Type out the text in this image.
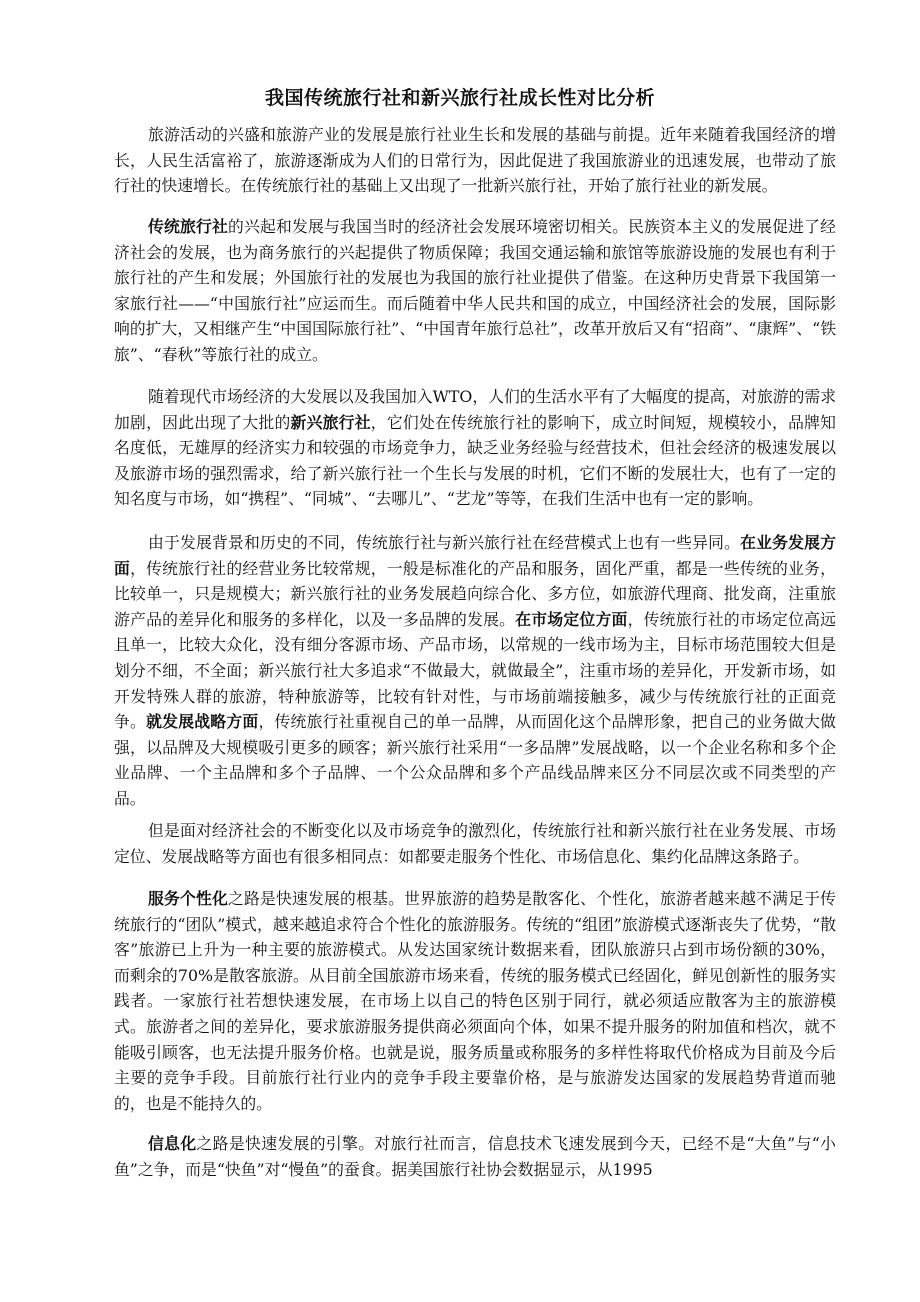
我国传统旅行社和新兴旅行社成长性对比分析

旅游活动的兴盛和旅游产业的发展是旅行社业生长和发展的基础与前提。近年来随着我国经济的增长，人民生活富裕了，旅游逐渐成为人们的日常行为，因此促进了我国旅游业的迅速发展，也带动了旅行社的快速增长。在传统旅行社的基础上又出现了一批新兴旅行社，开始了旅行社业的新发展。

传统旅行社的兴起和发展与我国当时的经济社会发展环境密切相关。民族资本主义的发展促进了经济社会的发展，也为商务旅行的兴起提供了物质保障；我国交通运输和旅馆等旅游设施的发展也有利于旅行社的产生和发展；外国旅行社的发展也为我国的旅行社业提供了借鉴。在这种历史背景下我国第一家旅行社——“中国旅行社”应运而生。而后随着中华人民共和国的成立，中国经济社会的发展，国际影响的扩大，又相继产生“中国国际旅行社”、“中国青年旅行总社”，改革开放后又有“招商”、“康辉”、“铁旅”、“春秋”等旅行社的成立。

随着现代市场经济的大发展以及我国加入WTO，人们的生活水平有了大幅度的提高，对旅游的需求加剧，因此出现了大批的新兴旅行社，它们处在传统旅行社的影响下，成立时间短，规模较小，品牌知名度低，无雄厚的经济实力和较强的市场竞争力，缺乏业务经验与经营技术，但社会经济的极速发展以及旅游市场的强烈需求，给了新兴旅行社一个生长与发展的时机，它们不断的发展壮大，也有了一定的知名度与市场，如“携程”、“同城”、“去哪儿”、“艺龙”等等，在我们生活中也有一定的影响。

由于发展背景和历史的不同，传统旅行社与新兴旅行社在经营模式上也有一些异同。在业务发展方面，传统旅行社的经营业务比较常规，一般是标准化的产品和服务，固化严重，都是一些传统的业务，比较单一，只是规模大；新兴旅行社的业务发展趋向综合化、多方位，如旅游代理商、批发商，注重旅游产品的差异化和服务的多样化，以及一多品牌的发展。在市场定位方面，传统旅行社的市场定位高远且单一，比较大众化，没有细分客源市场、产品市场，以常规的一线市场为主，目标市场范围较大但是划分不细，不全面；新兴旅行社大多追求“不做最大，就做最全”，注重市场的差异化，开发新市场，如开发特殊人群的旅游，特种旅游等，比较有针对性，与市场前端接触多，减少与传统旅行社的正面竞争。就发展战略方面，传统旅行社重视自己的单一品牌，从而固化这个品牌形象，把自己的业务做大做强，以品牌及大规模吸引更多的顾客；新兴旅行社采用“一多品牌”发展战略，以一个企业名称和多个企业品牌、一个主品牌和多个子品牌、一个公众品牌和多个产品线品牌来区分不同层次或不同类型的产品。

但是面对经济社会的不断变化以及市场竞争的激烈化，传统旅行社和新兴旅行社在业务发展、市场定位、发展战略等方面也有很多相同点：如都要走服务个性化、市场信息化、集约化品牌这条路子。

服务个性化之路是快速发展的根基。世界旅游的趋势是散客化、个性化，旅游者越来越不满足于传统旅行的“团队”模式，越来越追求符合个性化的旅游服务。传统的“组团”旅游模式逐渐丧失了优势，“散客”旅游已上升为一种主要的旅游模式。从发达国家统计数据来看，团队旅游只占到市场份额的30%，而剩余的70%是散客旅游。从目前全国旅游市场来看，传统的服务模式已经固化，鲜见创新性的服务实践者。一家旅行社若想快速发展，在市场上以自己的特色区别于同行，就必须适应散客为主的旅游模式。旅游者之间的差异化，要求旅游服务提供商必须面向个体，如果不提升服务的附加值和档次，就不能吸引顾客，也无法提升服务价格。也就是说，服务质量或称服务的多样性将取代价格成为目前及今后主要的竞争手段。目前旅行社行业内的竞争手段主要靠价格，是与旅游发达国家的发展趋势背道而驰的，也是不能持久的。

信息化之路是快速发展的引擎。对旅行社而言，信息技术飞速发展到今天，已经不是“大鱼”与“小鱼”之争，而是“快鱼”对“慢鱼”的蚕食。据美国旅行社协会数据显示，从1995
